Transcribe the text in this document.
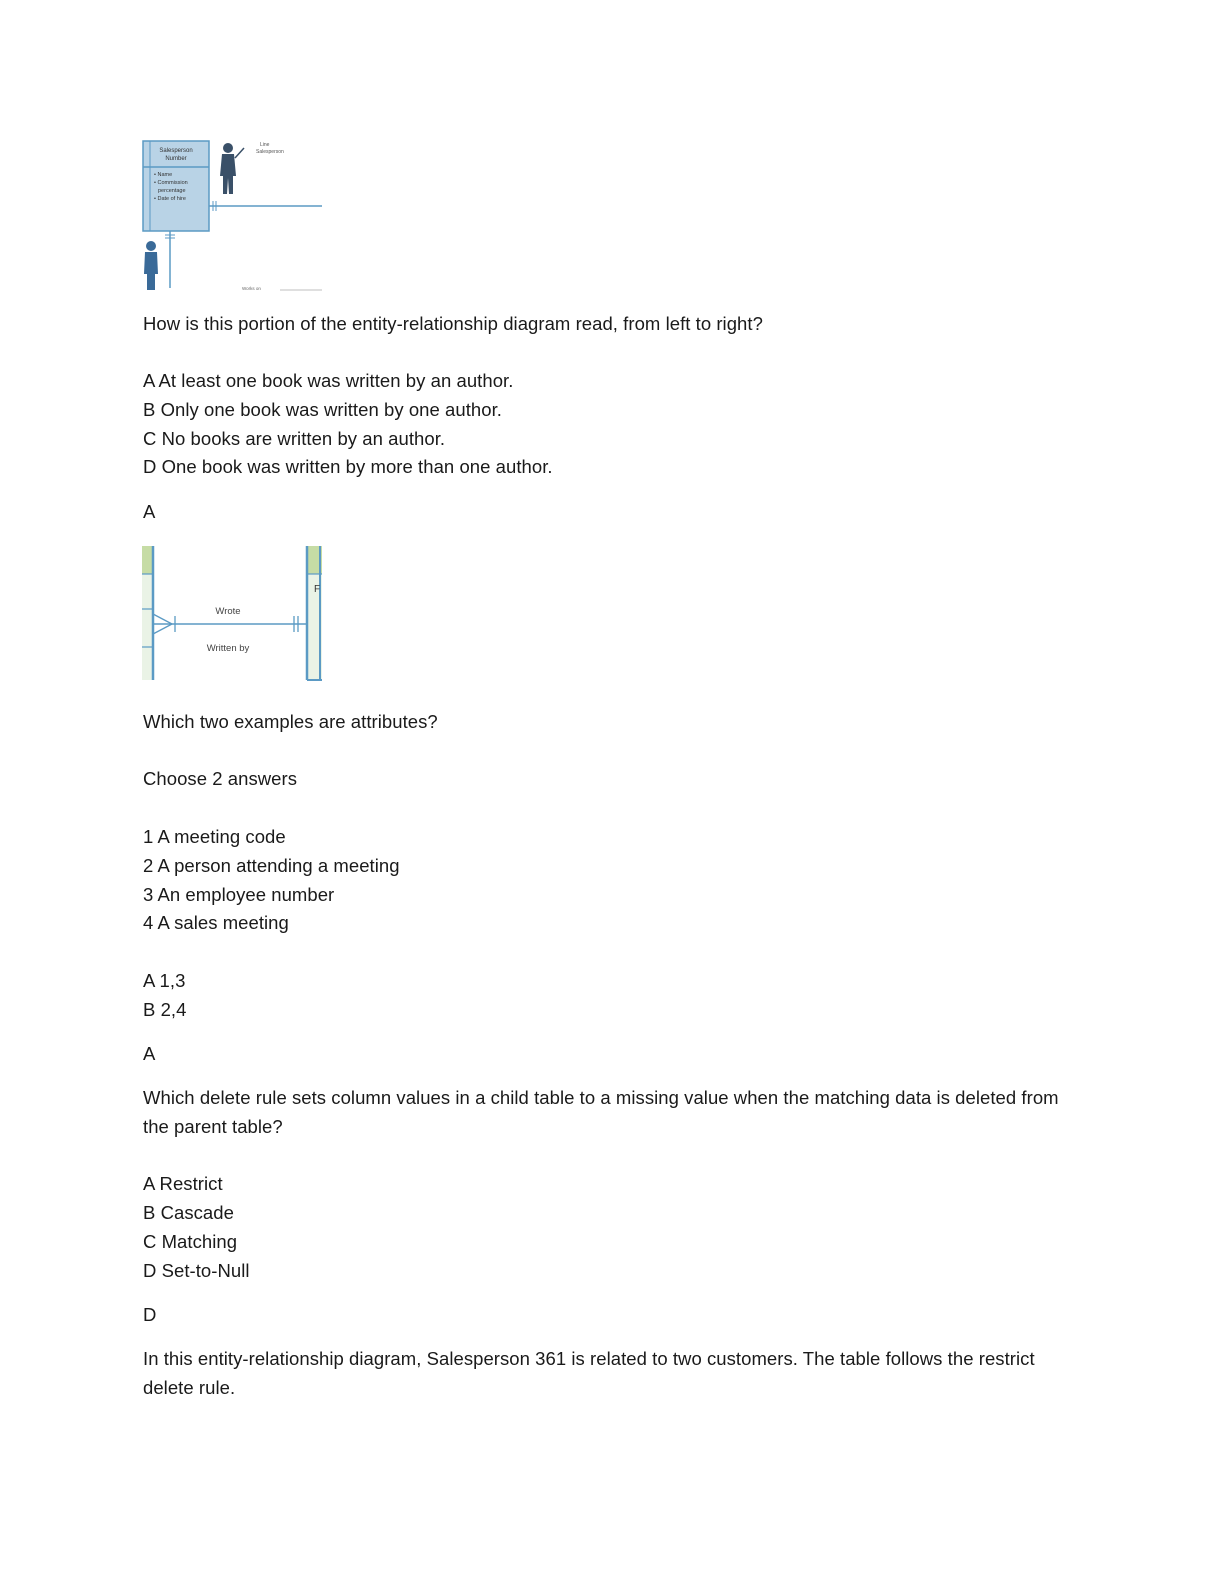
Salesperson
Number
• Name
• Commission
percentage
• Date of hire
Line
Salesperson
Works on
How is this portion of the entity-relationship diagram read, from left to right?
A At least one book was written by an author.
B Only one book was written by one author.
C No books are written by an author.
D One book was written by more than one author.
A
F
Wrote
Written by
Which two examples are attributes?
Choose 2 answers
1 A meeting code
2 A person attending a meeting
3 An employee number
4 A sales meeting
A 1,3
B 2,4
A
Which delete rule sets column values in a child table to a missing value when the matching data is deleted from the parent table?
A Restrict
B Cascade
C Matching
D Set-to-Null
D
In this entity-relationship diagram, Salesperson 361 is related to two customers. The table follows the restrict delete rule.
